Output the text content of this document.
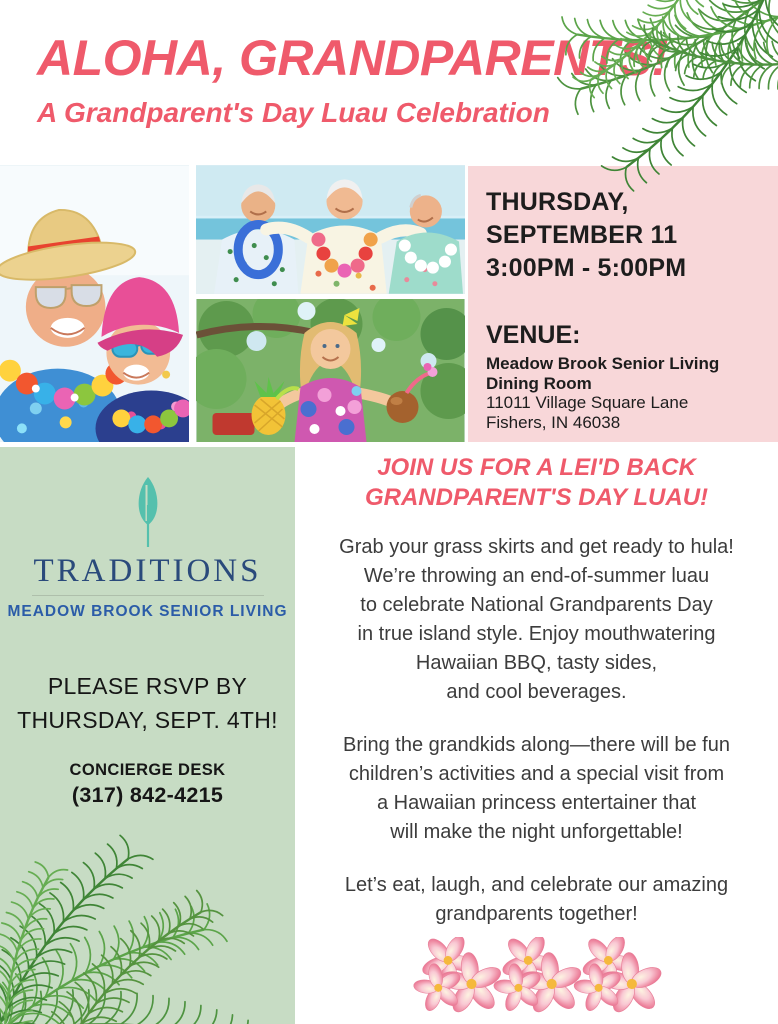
ALOHA, GRANDPARENTS!
A Grandparent's Day Luau Celebration
THURSDAY,
SEPTEMBER 11
3:00PM - 5:00PM
VENUE:
Meadow Brook Senior Living
Dining Room
11011 Village Square Lane
Fishers, IN 46038
TRADITIONS
MEADOW BROOK SENIOR LIVING
PLEASE RSVP BY
THURSDAY, SEPT. 4TH!
CONCIERGE DESK
(317) 842-4215
JOIN US FOR A LEI'D BACK
GRANDPARENT'S DAY LUAU!
Grab your grass skirts and get ready to hula!
We’re throwing an end-of-summer luau
to celebrate National Grandparents Day
in true island style. Enjoy mouthwatering
Hawaiian BBQ, tasty sides,
and cool beverages.
Bring the grandkids along—there will be fun
children’s activities and a special visit from
a Hawaiian princess entertainer that
will make the night unforgettable!
Let’s eat, laugh, and celebrate our amazing
grandparents together!
